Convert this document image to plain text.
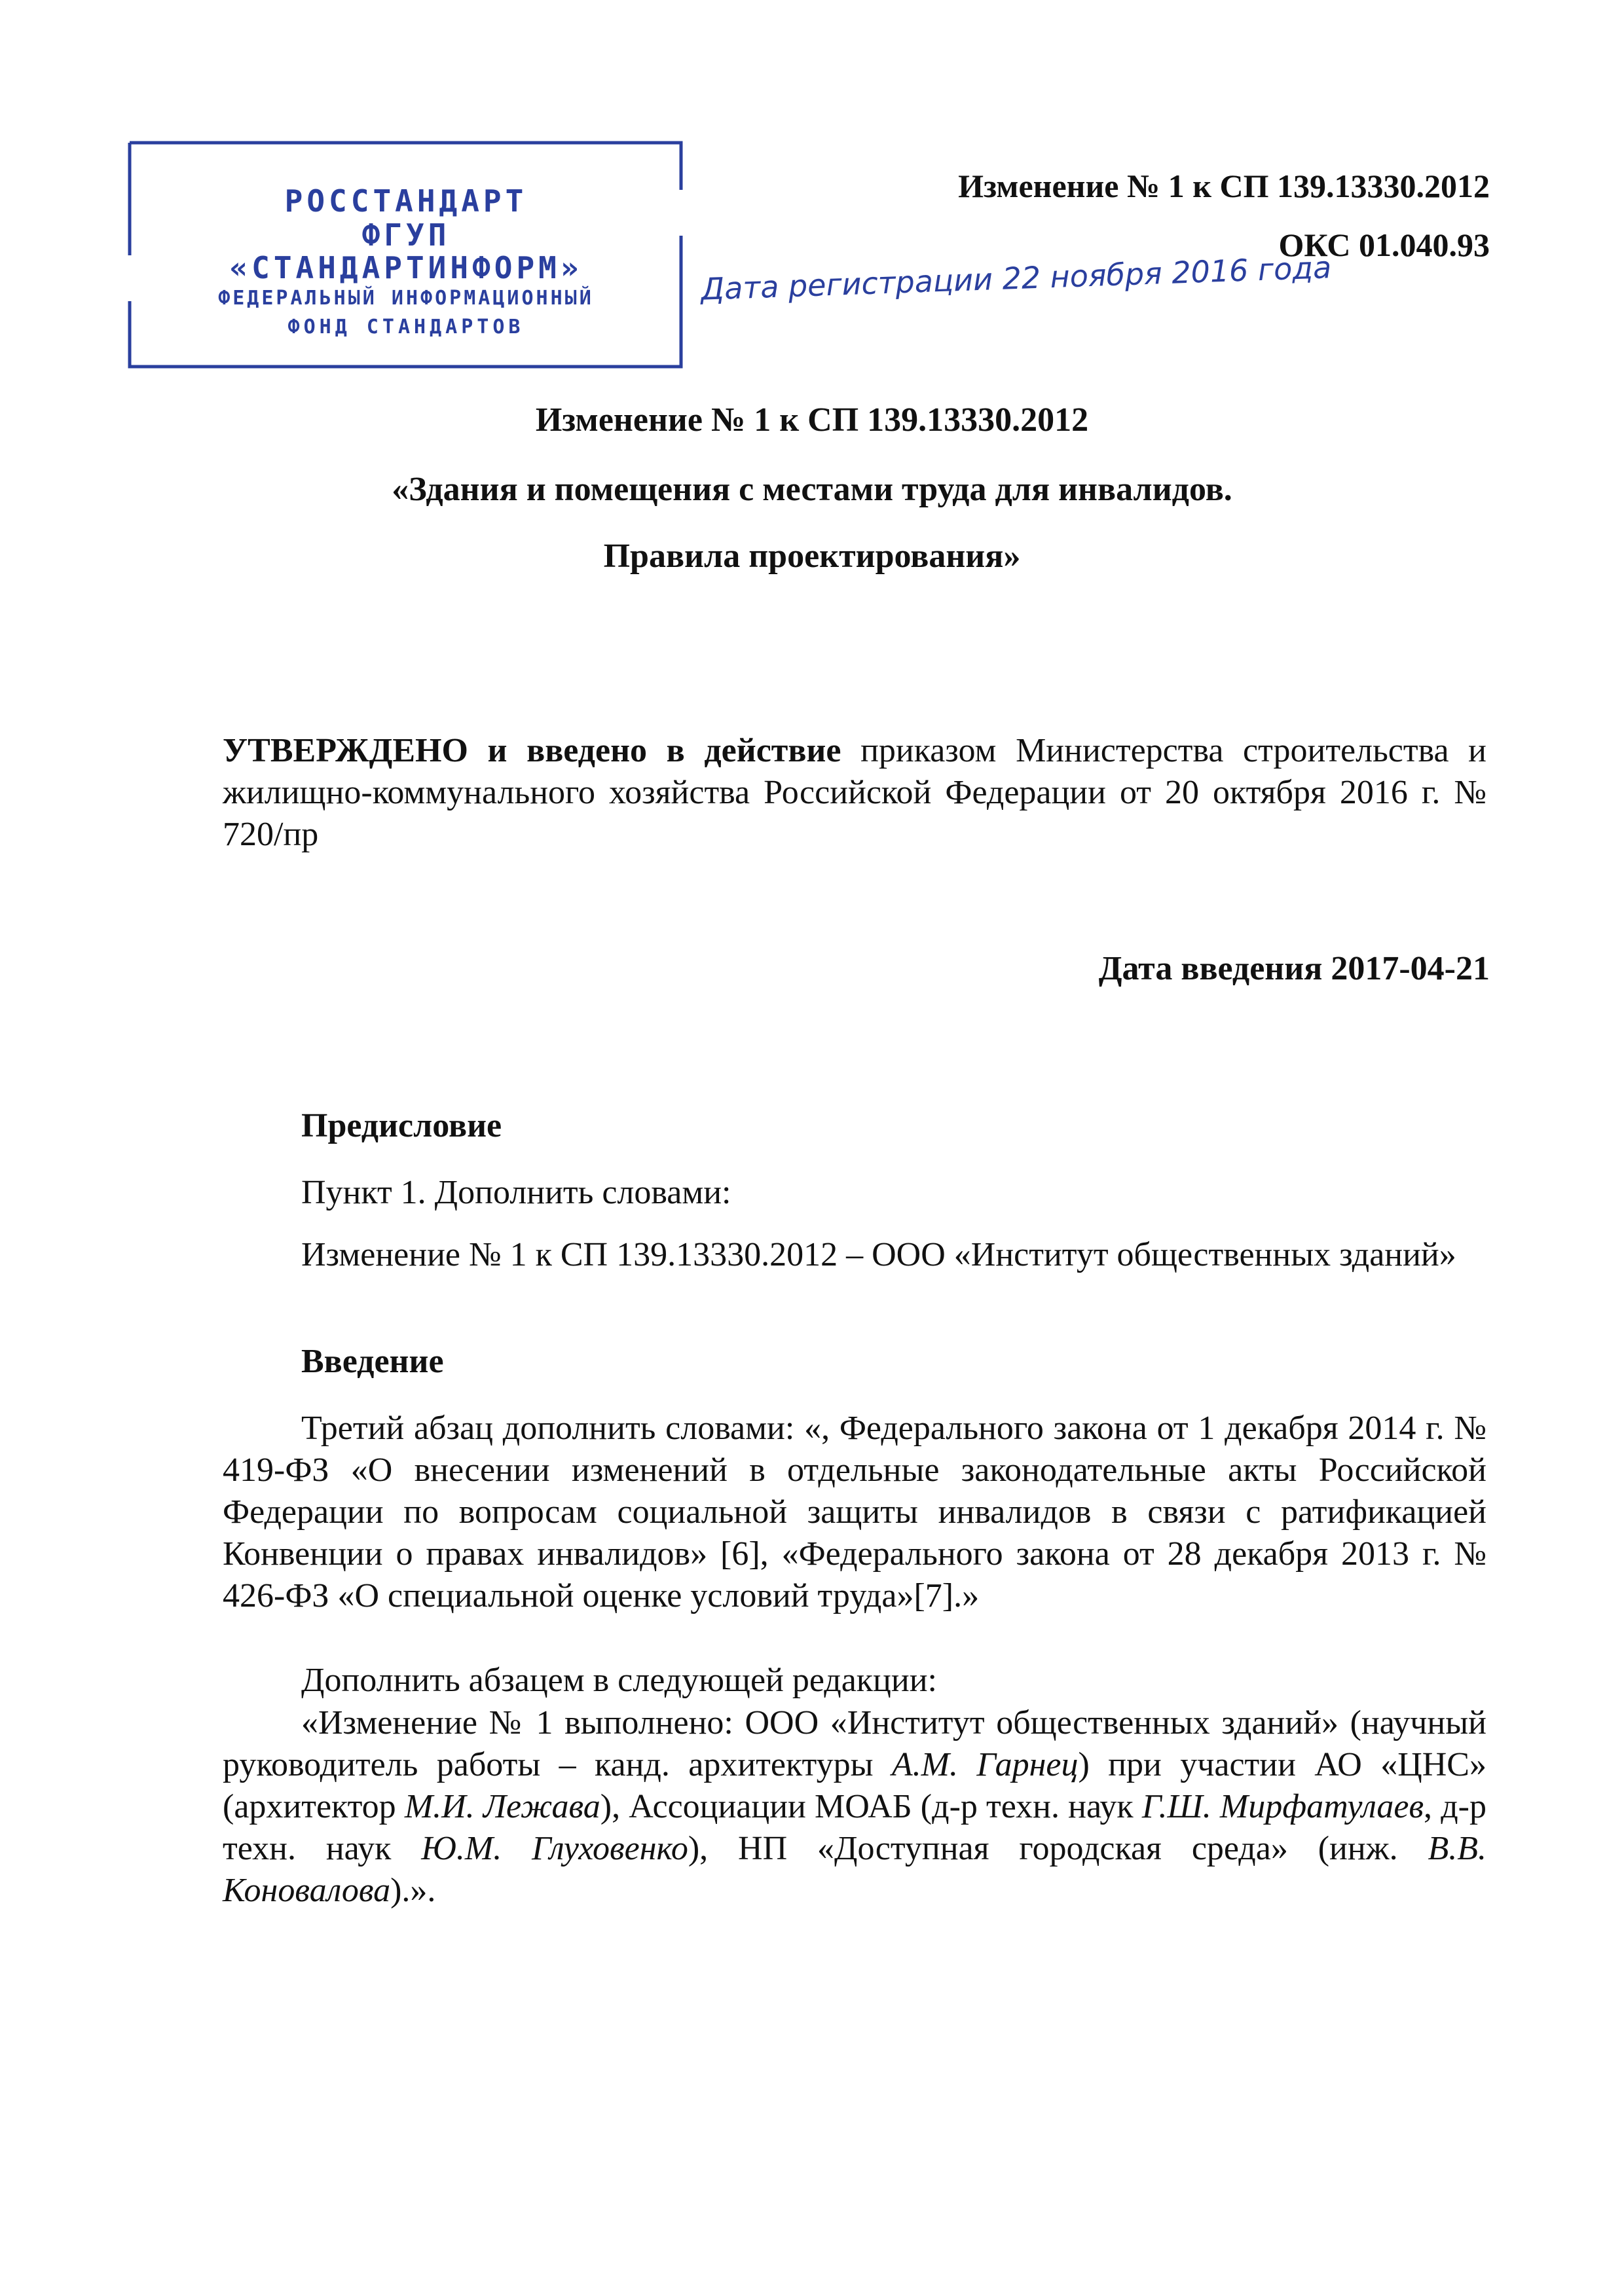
РОССТАНДАРТ
ФГУП
«СТАНДАРТИНФОРМ»
ФЕДЕРАЛЬНЫЙ ИНФОРМАЦИОННЫЙ
ФОНД СТАНДАРТОВ
Изменение № 1 к СП 139.13330.2012
ОКС 01.040.93
Дата регистрации 22 ноября 2016 года
Изменение № 1 к СП 139.13330.2012
«Здания и помещения с местами труда для инвалидов.
Правила проектирования»
УТВЕРЖДЕНО и введено в действие приказом Министерства строительства и жилищно-коммунального хозяйства Российской Федерации от 20 октября 2016 г. № 720/пр
Дата введения 2017-04-21
Предисловие
Пункт 1. Дополнить словами:
Изменение № 1 к СП 139.13330.2012 – ООО «Институт общественных зданий»
Введение
Третий абзац дополнить словами: «, Федерального закона от 1 декабря 2014 г. № 419-ФЗ «О внесении изменений в отдельные законодательные акты Российской Федерации по вопросам социальной защиты инвалидов в связи с ратификацией Конвенции о правах инвалидов» [6], «Федерального закона от 28 декабря 2013 г. № 426-ФЗ «О специальной оценке условий труда»[7].»
Дополнить абзацем в следующей редакции:
«Изменение № 1 выполнено: ООО «Институт общественных зданий» (научный руководитель работы – канд. архитектуры А.М. Гарнец) при участии АО «ЦНС» (архитектор М.И. Лежава), Ассоциации МОАБ (д-р техн. наук Г.Ш. Мирфатулаев, д-р техн. наук Ю.М. Глуховенко), НП «Доступная городская среда» (инж. В.В. Коновалова).».
